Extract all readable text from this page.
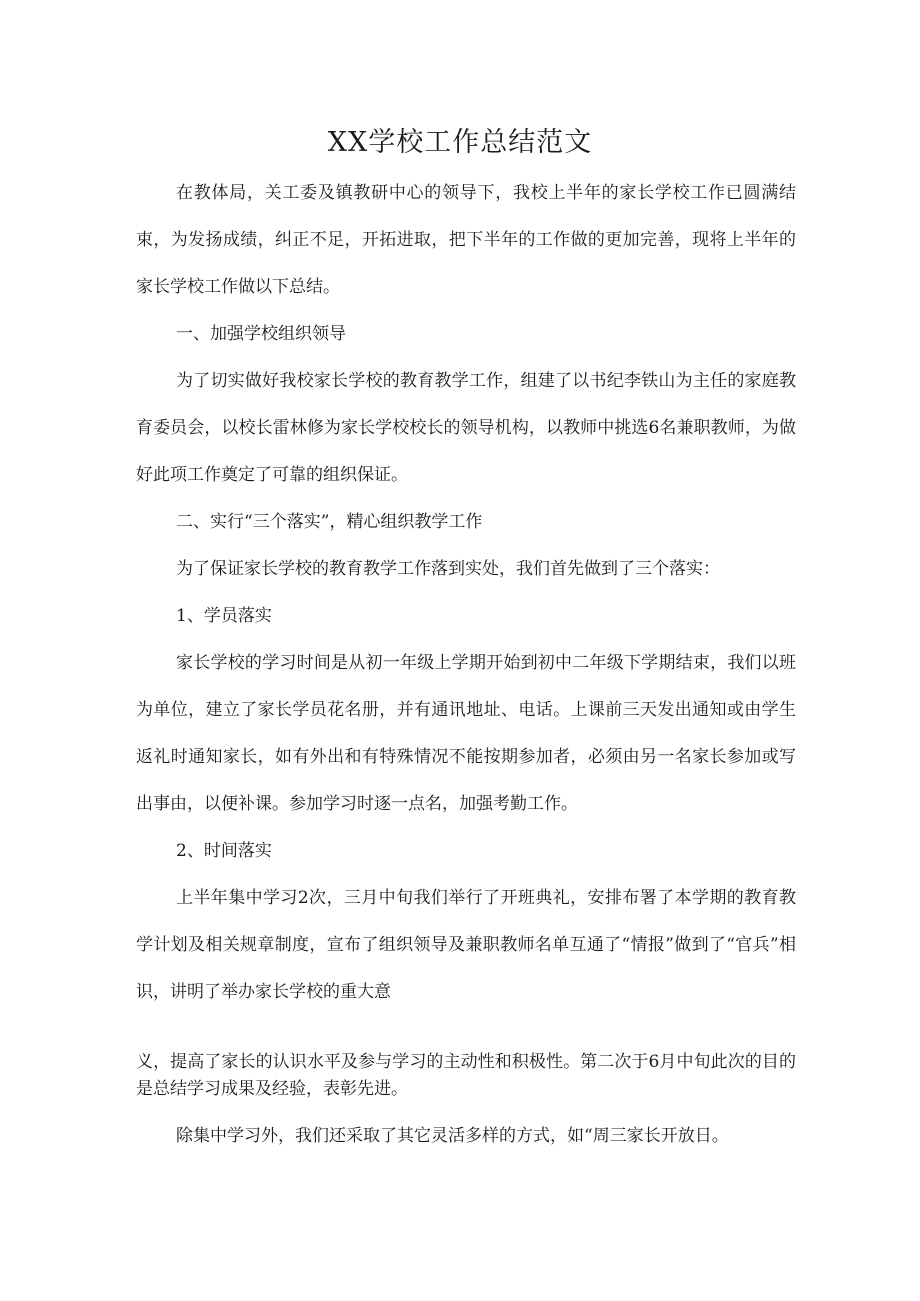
XX学校工作总结范文

在教体局，关工委及镇教研中心的领导下，我校上半年的家长学校工作已圆满结束，为发扬成绩，纠正不足，开拓进取，把下半年的工作做的更加完善，现将上半年的家长学校工作做以下总结。

一、加强学校组织领导

为了切实做好我校家长学校的教育教学工作，组建了以书纪李铁山为主任的家庭教育委员会，以校长雷林修为家长学校校长的领导机构，以教师中挑选6名兼职教师，为做好此项工作奠定了可靠的组织保证。

二、实行“三个落实”，精心组织教学工作

为了保证家长学校的教育教学工作落到实处，我们首先做到了三个落实：

1、学员落实

家长学校的学习时间是从初一年级上学期开始到初中二年级下学期结束，我们以班为单位，建立了家长学员花名册，并有通讯地址、电话。上课前三天发出通知或由学生返礼时通知家长，如有外出和有特殊情况不能按期参加者，必须由另一名家长参加或写出事由，以便补课。参加学习时逐一点名，加强考勤工作。

2、时间落实

上半年集中学习2次，三月中旬我们举行了开班典礼，安排布署了本学期的教育教学计划及相关规章制度，宣布了组织领导及兼职教师名单互通了“情报”做到了“官兵”相识，讲明了举办家长学校的重大意

义，提高了家长的认识水平及参与学习的主动性和积极性。第二次于6月中旬此次的目的是总结学习成果及经验，表彰先进。

除集中学习外，我们还采取了其它灵活多样的方式，如“周三家长开放日。
